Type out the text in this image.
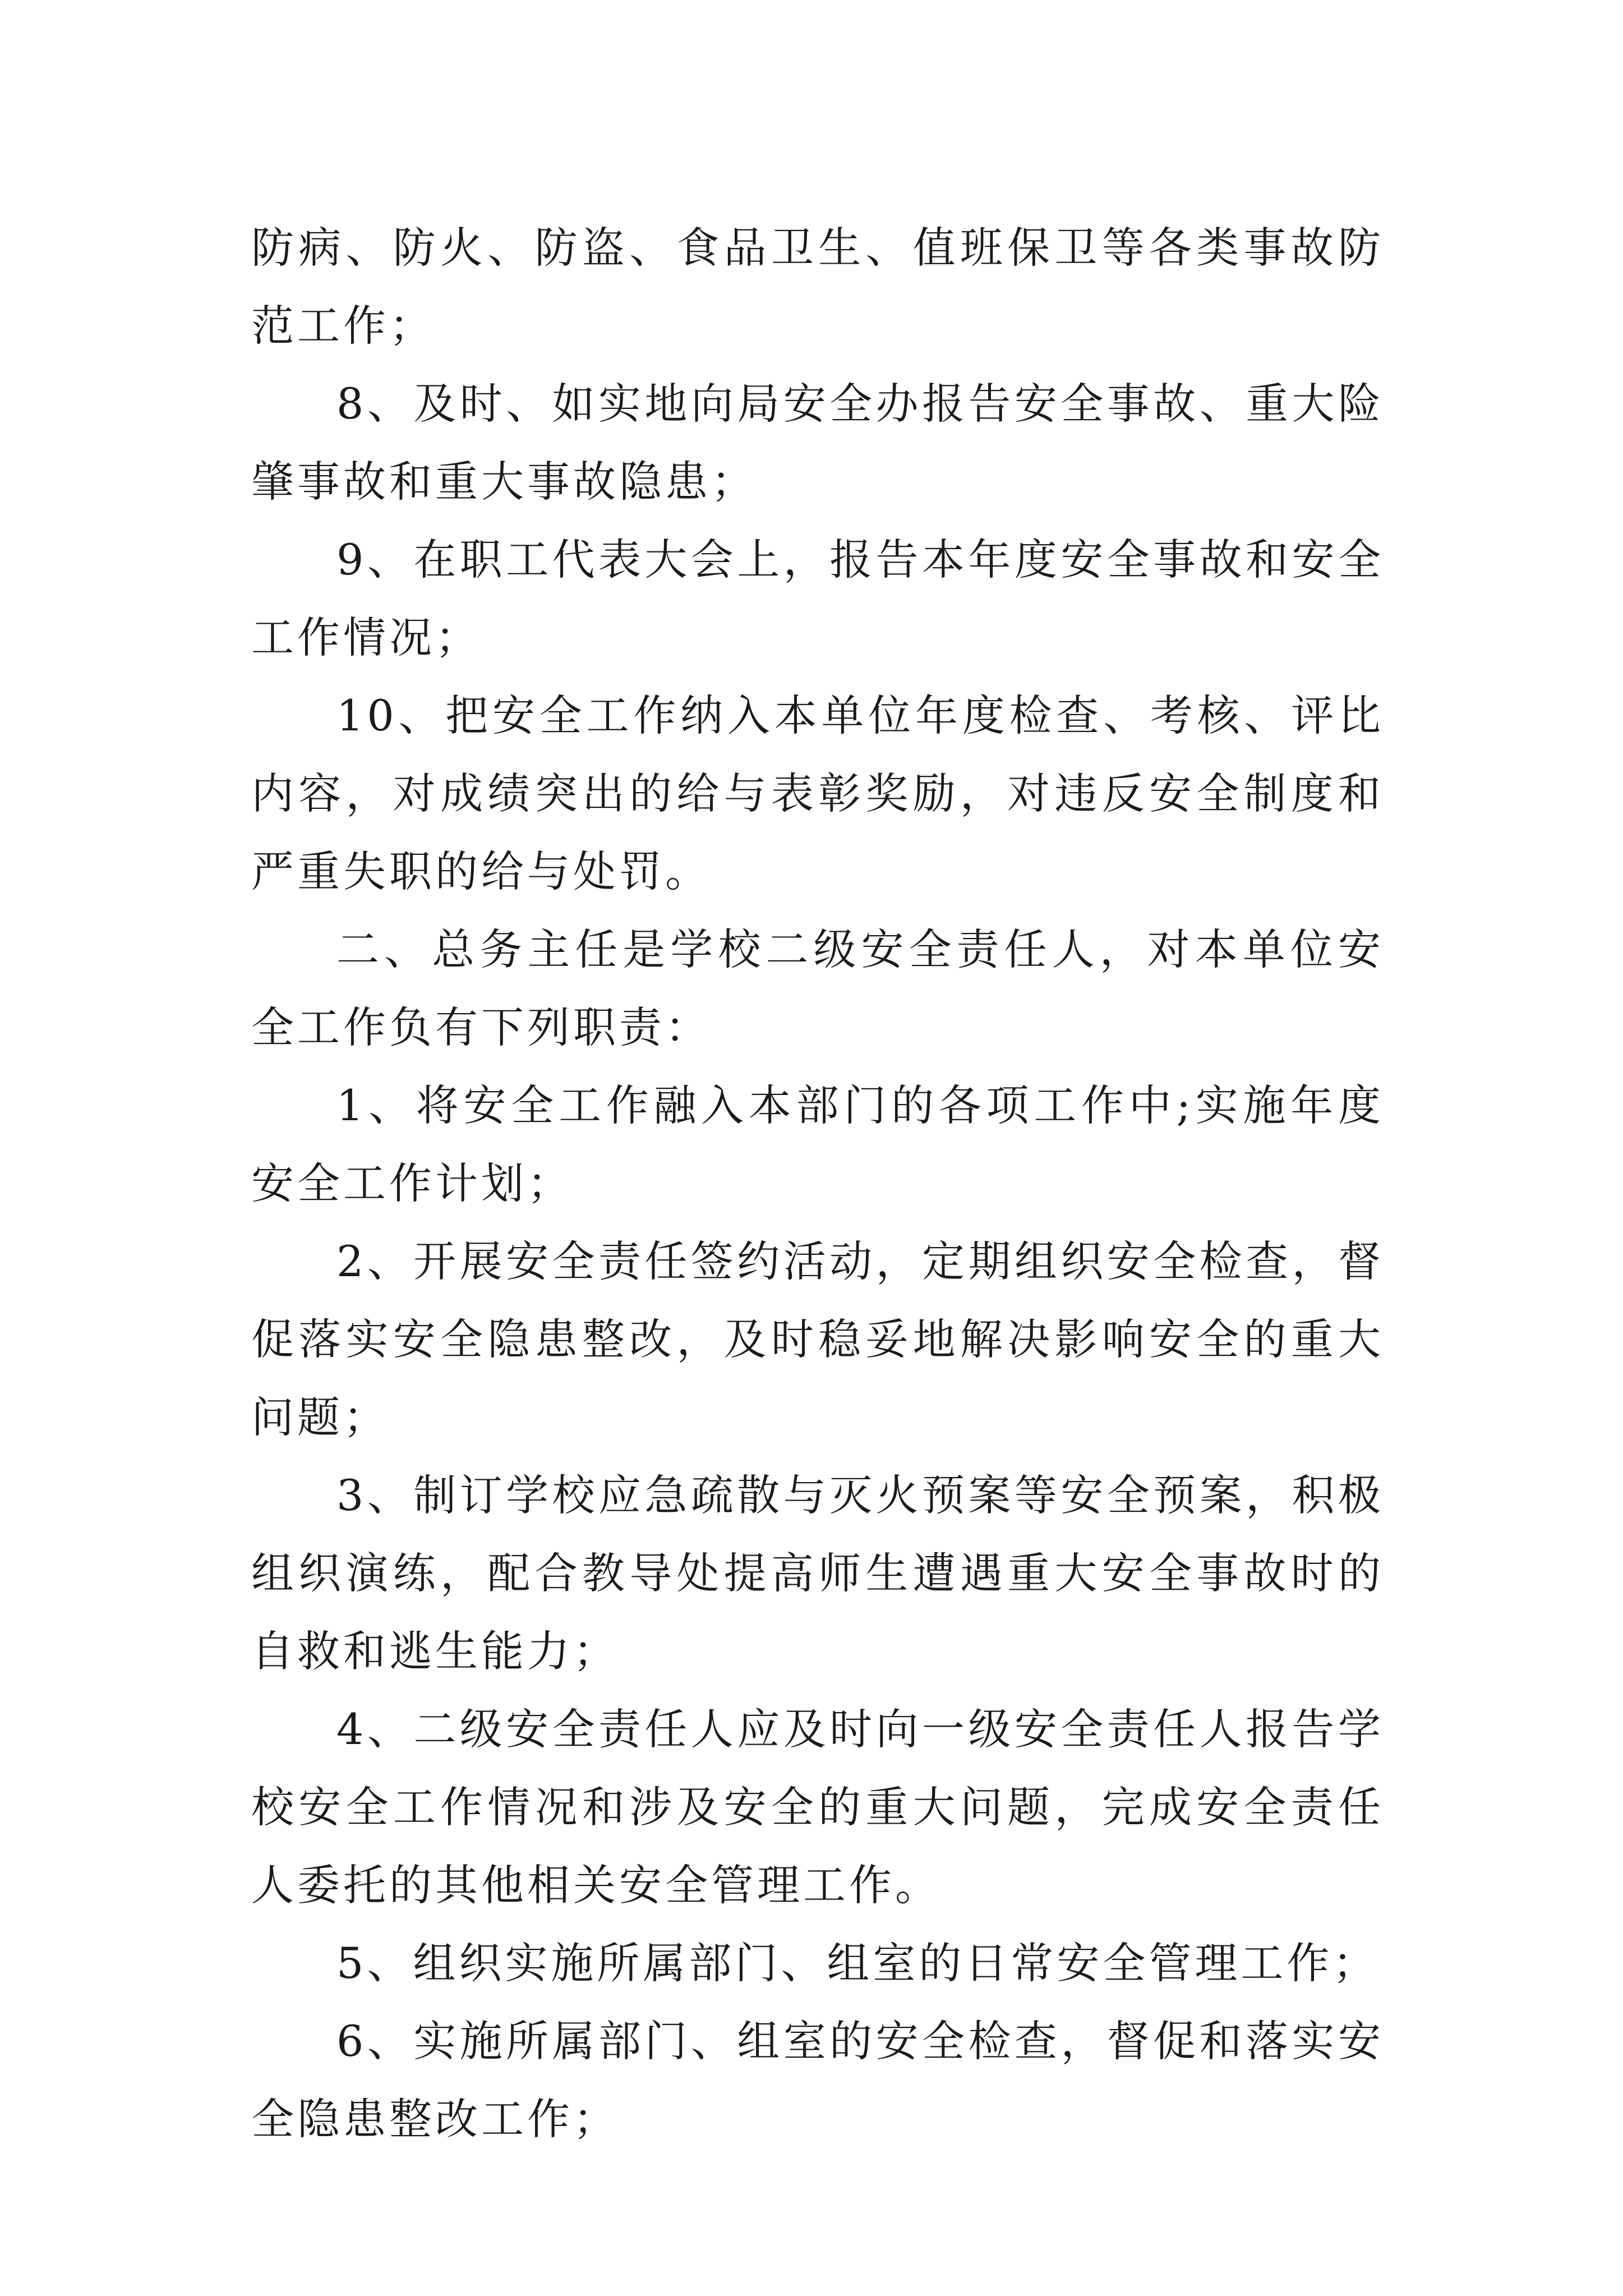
防病、防火、防盗、食品卫生、值班保卫等各类事故防范工作；

8、及时、如实地向局安全办报告安全事故、重大险肇事故和重大事故隐患；

9、在职工代表大会上，报告本年度安全事故和安全工作情况；

10、把安全工作纳入本单位年度检查、考核、评比内容，对成绩突出的给与表彰奖励，对违反安全制度和严重失职的给与处罚。

二、总务主任是学校二级安全责任人，对本单位安全工作负有下列职责：

1、将安全工作融入本部门的各项工作中;实施年度安全工作计划；

2、开展安全责任签约活动，定期组织安全检查，督促落实安全隐患整改，及时稳妥地解决影响安全的重大问题；

3、制订学校应急疏散与灭火预案等安全预案，积极组织演练，配合教导处提高师生遭遇重大安全事故时的自救和逃生能力；

4、二级安全责任人应及时向一级安全责任人报告学校安全工作情况和涉及安全的重大问题，完成安全责任人委托的其他相关安全管理工作。

5、组织实施所属部门、组室的日常安全管理工作；

6、实施所属部门、组室的安全检查，督促和落实安全隐患整改工作；
